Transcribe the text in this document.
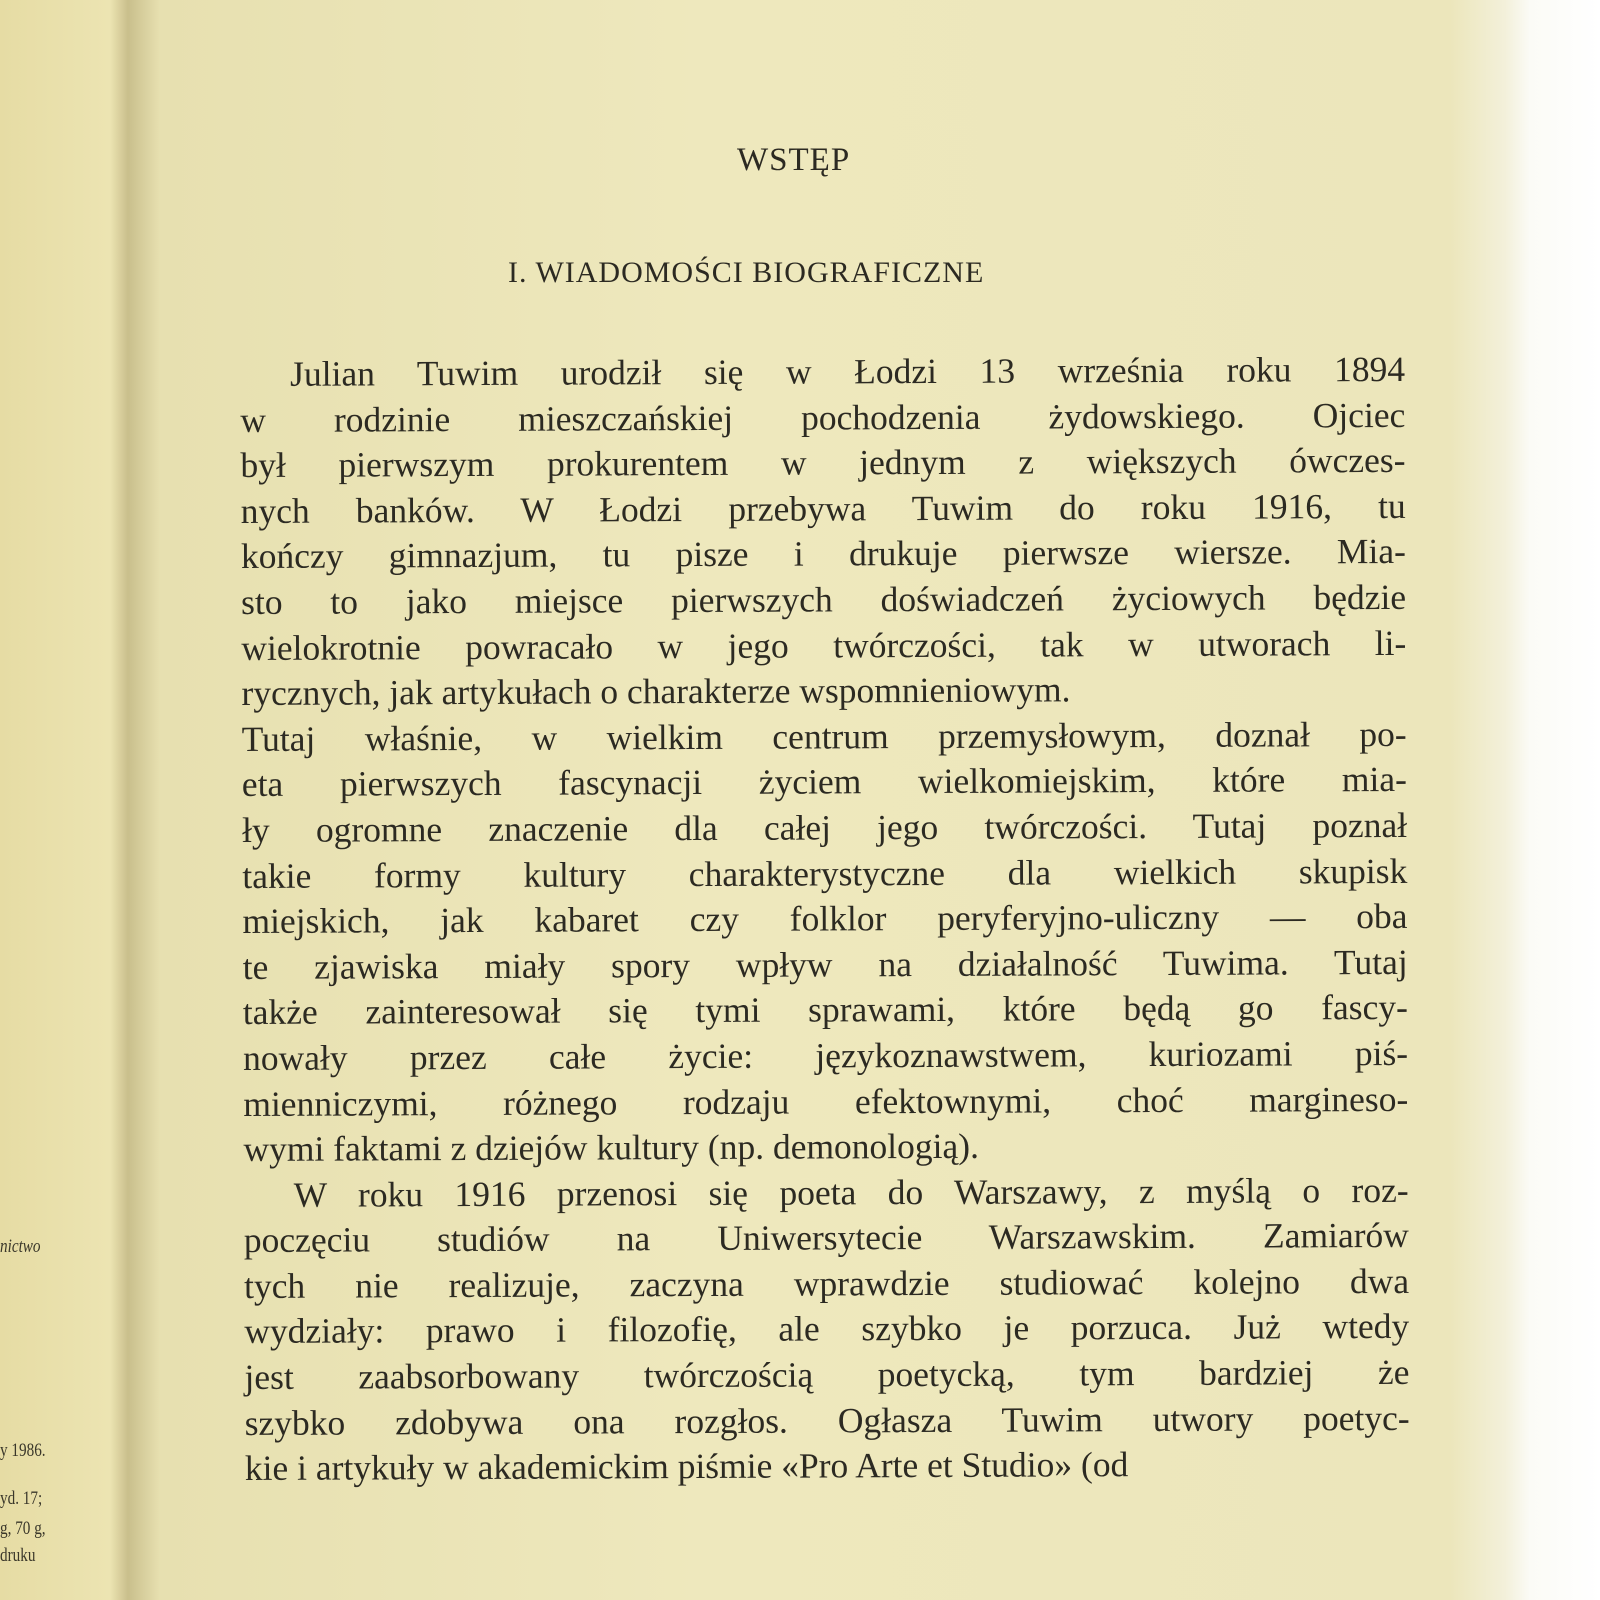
nictwo
y 1986.
yd. 17;
g, 70 g,
druku
WSTĘP
I. WIADOMOŚCI BIOGRAFICZNE
Julian Tuwim urodził się w Łodzi 13 września roku 1894
w rodzinie mieszczańskiej pochodzenia żydowskiego. Ojciec
był pierwszym prokurentem w jednym z większych ówczes-
nych banków. W Łodzi przebywa Tuwim do roku 1916, tu
kończy gimnazjum, tu pisze i drukuje pierwsze wiersze. Mia-
sto to jako miejsce pierwszych doświadczeń życiowych będzie
wielokrotnie powracało w jego twórczości, tak w utworach li-
rycznych, jak artykułach o charakterze wspomnieniowym.
Tutaj właśnie, w wielkim centrum przemysłowym, doznał po-
eta pierwszych fascynacji życiem wielkomiejskim, które mia-
ły ogromne znaczenie dla całej jego twórczości. Tutaj poznał
takie formy kultury charakterystyczne dla wielkich skupisk
miejskich, jak kabaret czy folklor peryferyjno-uliczny — oba
te zjawiska miały spory wpływ na działalność Tuwima. Tutaj
także zainteresował się tymi sprawami, które będą go fascy-
nowały przez całe życie: językoznawstwem, kuriozami piś-
mienniczymi, różnego rodzaju efektownymi, choć margineso-
wymi faktami z dziejów kultury (np. demonologią).
W roku 1916 przenosi się poeta do Warszawy, z myślą o roz-
poczęciu studiów na Uniwersytecie Warszawskim. Zamiarów
tych nie realizuje, zaczyna wprawdzie studiować kolejno dwa
wydziały: prawo i filozofię, ale szybko je porzuca. Już wtedy
jest zaabsorbowany twórczością poetycką, tym bardziej że
szybko zdobywa ona rozgłos. Ogłasza Tuwim utwory poetyc-
kie i artykuły w akademickim piśmie «Pro Arte et Studio» (od
